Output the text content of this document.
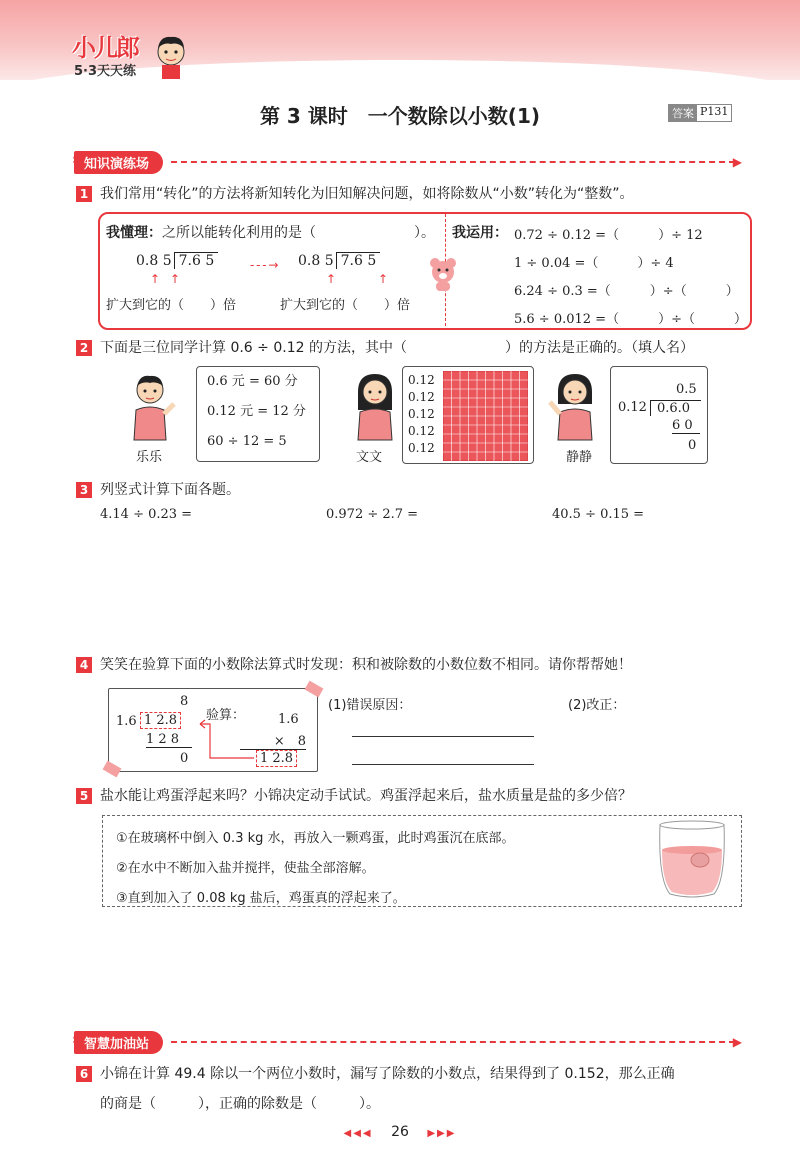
小儿郎
5·3天天练
第 3 课时　一个数除以小数(1)	答案 P131
» 知识演练场	▶
1 我们常用“转化”的方法将新知转化为旧知解决问题，如将除数从“小数”转化为“整数”。
我懂理：之所以能转化利用的是（　　　　　　　）。
0.8 5 7.6 5
↑ ↑
- - - → 0.8 5 7.6 5
↑	↑
扩大到它的（　　）倍	扩大到它的（　　）倍
我运用： 0.72 ÷ 0.12 =（　　　）÷ 12
1 ÷ 0.04 =（　　　）÷ 4
6.24 ÷ 0.3 =（　　　）÷（　　　）
5.6 ÷ 0.012 =（　　　）÷（　　　）
2 下面是三位同学计算 0.6 ÷ 0.12 的方法，其中（　　　　　　　）的方法是正确的。（填人名）
乐乐
0.6 元 = 60 分
0.12 元 = 12 分
60 ÷ 12 = 5
文文
0.12
0.12
0.12
0.12
0.12
静静
0.5
0.12 0.6.0
6 0
0
3 列竖式计算下面各题。
4.14 ÷ 0.23 =	0.972 ÷ 2.7 =	40.5 ÷ 0.15 =
4 笑笑在验算下面的小数除法算式时发现：积和被除数的小数位数不相同。请你帮帮她！
8
1.6 1 2.8
1 2 8
0
验算：	1.6
×　8
1 2.8
(1)错误原因：	(2)改正：
5 盐水能让鸡蛋浮起来吗？小锦决定动手试试。鸡蛋浮起来后，盐水质量是盐的多少倍？
①在玻璃杯中倒入 0.3 kg 水，再放入一颗鸡蛋，此时鸡蛋沉在底部。
②在水中不断加入盐并搅拌，使盐全部溶解。
③直到加入了 0.08 kg 盐后，鸡蛋真的浮起来了。
» 智慧加油站	▶
6 小锦在计算 49.4 除以一个两位小数时，漏写了除数的小数点，结果得到了 0.152，那么正确
的商是（　　　），正确的除数是（　　　）。
◀◀◀ 26 ▶▶▶
